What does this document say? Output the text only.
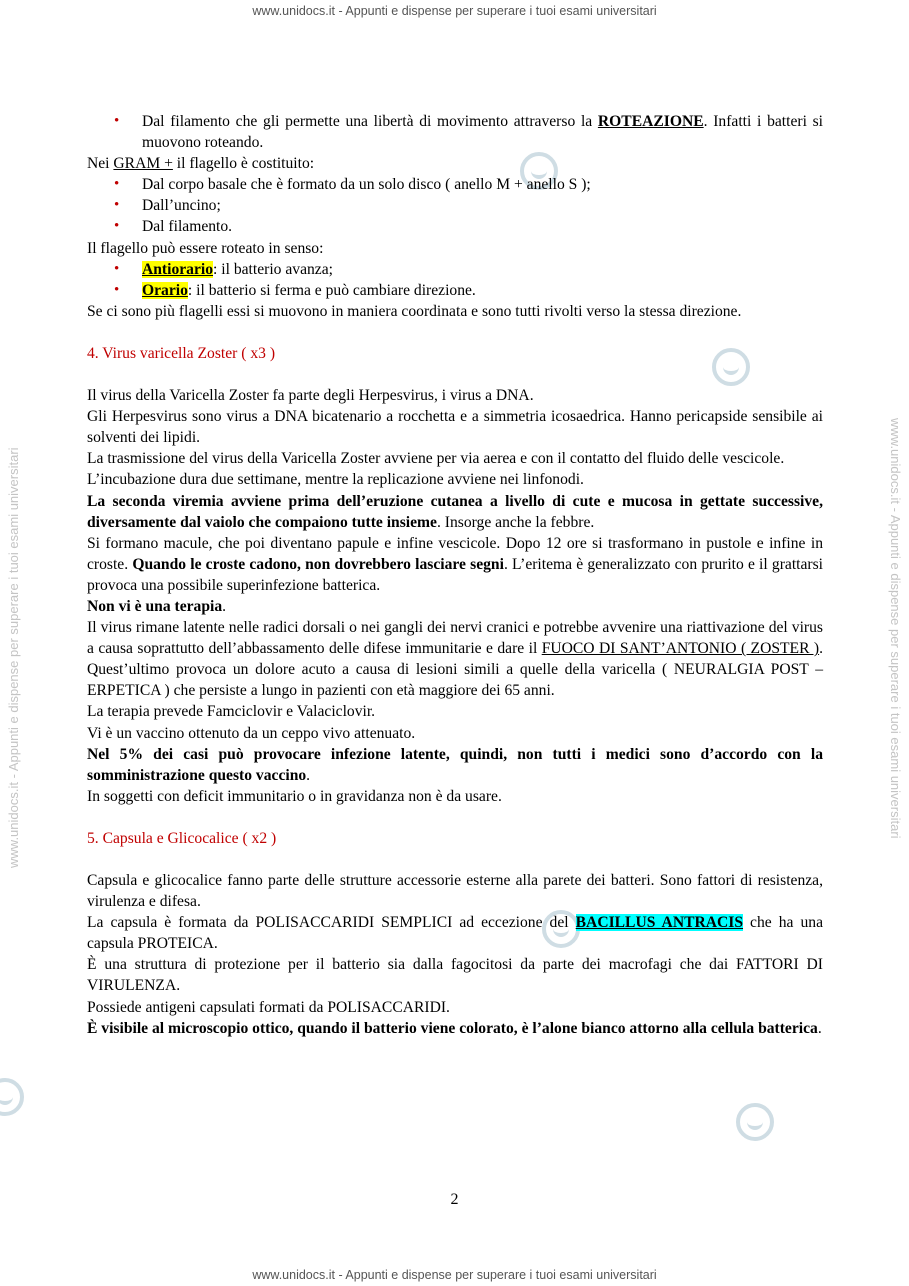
www.unidocs.it - Appunti e dispense per superare i tuoi esami universitari
www.unidocs.it - Appunti e dispense per superare i tuoi esami universitari
www.unidocs.it - Appunti e dispense per superare i tuoi esami universitari	www.unidocs.it - Appunti e dispense per superare i tuoi esami universitari
• Dal filamento che gli permette una libertà di movimento attraverso la ROTEAZIONE. Infatti i batteri si muovono roteando.

Nei GRAM + il flagello è costituito:

• Dal corpo basale che è formato da un solo disco ( anello M + anello S );
• Dall’uncino;
• Dal filamento.

Il flagello può essere roteato in senso:

• Antiorario: il batterio avanza;
• Orario: il batterio si ferma e può cambiare direzione.

Se ci sono più flagelli essi si muovono in maniera coordinata e sono tutti rivolti verso la stessa direzione.

4. Virus varicella Zoster ( x3 )

Il virus della Varicella Zoster fa parte degli Herpesvirus, i virus a DNA.

Gli Herpesvirus sono virus a DNA bicatenario a rocchetta e a simmetria icosaedrica. Hanno pericapside sensibile ai solventi dei lipidi.

La trasmissione del virus della Varicella Zoster avviene per via aerea e con il contatto del fluido delle vescicole.

L’incubazione dura due settimane, mentre la replicazione avviene nei linfonodi.

La seconda viremia avviene prima dell’eruzione cutanea a livello di cute e mucosa in gettate successive, diversamente dal vaiolo che compaiono tutte insieme. Insorge anche la febbre.

Si formano macule, che poi diventano papule e infine vescicole. Dopo 12 ore si trasformano in pustole e infine in croste. Quando le croste cadono, non dovrebbero lasciare segni. L’eritema è generalizzato con prurito e il grattarsi provoca una possibile superinfezione batterica.

Non vi è una terapia.

Il virus rimane latente nelle radici dorsali o nei gangli dei nervi cranici e potrebbe avvenire una riattivazione del virus a causa soprattutto dell’abbassamento delle difese immunitarie e dare il FUOCO DI SANT’ANTONIO ( ZOSTER ). Quest’ultimo provoca un dolore acuto a causa di lesioni simili a quelle della varicella ( NEURALGIA POST – ERPETICA ) che persiste a lungo in pazienti con età maggiore dei 65 anni.

La terapia prevede Famciclovir e Valaciclovir.

Vi è un vaccino ottenuto da un ceppo vivo attenuato.

Nel 5% dei casi può provocare infezione latente, quindi, non tutti i medici sono d’accordo con la somministrazione questo vaccino.

In soggetti con deficit immunitario o in gravidanza non è da usare.

5. Capsula e Glicocalice ( x2 )

Capsula e glicocalice fanno parte delle strutture accessorie esterne alla parete dei batteri. Sono fattori di resistenza, virulenza e difesa.

La capsula è formata da POLISACCARIDI SEMPLICI ad eccezione del BACILLUS ANTRACIS che ha una capsula PROTEICA.

È una struttura di protezione per il batterio sia dalla fagocitosi da parte dei macrofagi che dai FATTORI DI VIRULENZA.

Possiede antigeni capsulati formati da POLISACCARIDI.

È visibile al microscopio ottico, quando il batterio viene colorato, è l’alone bianco attorno alla cellula batterica.

2
